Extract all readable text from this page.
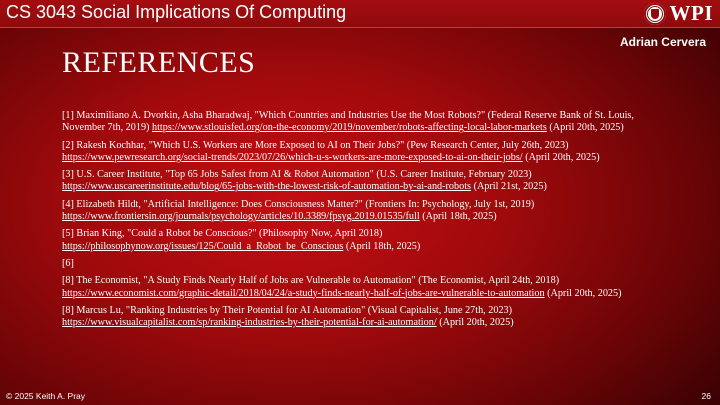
CS 3043 Social Implications Of Computing	WPI
Adrian Cervera
REFERENCES
[1] Maximiliano A. Dvorkin, Asha Bharadwaj, "Which Countries and Industries Use the Most Robots?" (Federal Reserve Bank of St. Louis, November 7th, 2019) https://www.stlouisfed.org/on-the-economy/2019/november/robots-affecting-local-labor-markets (April 20th, 2025)
[2] Rakesh Kochhar, "Which U.S. Workers are More Exposed to AI on Their Jobs?" (Pew Research Center, July 26th, 2023) https://www.pewresearch.org/social-trends/2023/07/26/which-u-s-workers-are-more-exposed-to-ai-on-their-jobs/ (April 20th, 2025)
[3] U.S. Career Institute, "Top 65 Jobs Safest from AI & Robot Automation" (U.S. Career Institute, February 2023) https://www.uscareerinstitute.edu/blog/65-jobs-with-the-lowest-risk-of-automation-by-ai-and-robots (April 21st, 2025)
[4] Elizabeth Hildt, "Artificial Intelligence: Does Consciousness Matter?" (Frontiers In: Psychology, July 1st, 2019) https://www.frontiersin.org/journals/psychology/articles/10.3389/fpsyg.2019.01535/full (April 18th, 2025)
[5] Brian King, "Could a Robot be Conscious?" (Philosophy Now, April 2018) https://philosophynow.org/issues/125/Could_a_Robot_be_Conscious (April 18th, 2025)
[6]
[8] The Economist, "A Study Finds Nearly Half of Jobs are Vulnerable to Automation" (The Economist, April 24th, 2018) https://www.economist.com/graphic-detail/2018/04/24/a-study-finds-nearly-half-of-jobs-are-vulnerable-to-automation (April 20th, 2025)
[8] Marcus Lu, "Ranking Industries by Their Potential for AI Automation" (Visual Capitalist, June 27th, 2023) https://www.visualcapitalist.com/sp/ranking-industries-by-their-potential-for-ai-automation/ (April 20th, 2025)
© 2025 Keith A. Pray	26
